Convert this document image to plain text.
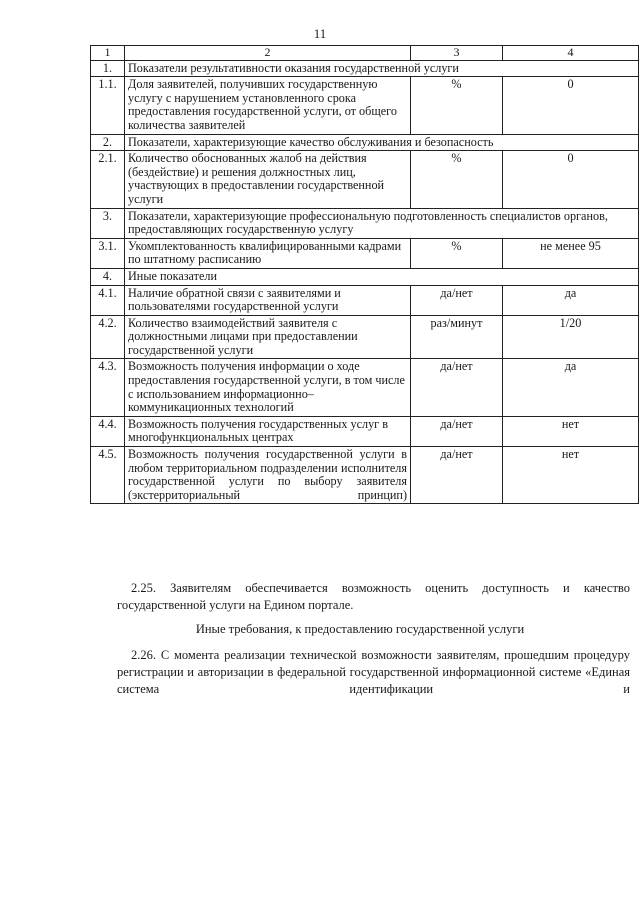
11
1	2	3	4
1.	Показатели результативности оказания государственной услуги		
1.1.	Доля заявителей, получивших государственную услугу с нарушением установленного срока предоставления государственной услуги, от общего количества заявителей	%	0
2.	Показатели, характеризующие качество обслуживания и безопасность		
2.1.	Количество обоснованных жалоб на действия (бездействие) и решения должностных лиц, участвующих в предоставлении государственной услуги	%	0
3.	Показатели, характеризующие профессиональную подготовленность специалистов органов, предоставляющих государственную услугу		
3.1.	Укомплектованность квалифицированными кадрами по штатному расписанию	%	не менее 95
4.	Иные показатели		
4.1.	Наличие обратной связи с заявителями и пользователями государственной услуги	да/нет	да
4.2.	Количество взаимодействий заявителя с должностными лицами при предоставлении государственной услуги	раз/минут	1/20
4.3.	Возможность получения информации о ходе предоставления государственной услуги, в том числе с использованием информационно–коммуникационных технологий	да/нет	да
4.4.	Возможность получения государственных услуг в многофункциональных центрах	да/нет	нет
4.5.	Возможность получения государственной услуги в любом территориальном подразделении исполнителя государственной услуги по выбору заявителя (экстерриториальный принцип)	да/нет	нет
2.25. Заявителям обеспечивается возможность оценить доступность и качество государственной услуги на Едином портале.
Иные требования, к предоставлению государственной услуги
2.26. С момента реализации технической возможности заявителям, прошедшим процедуру регистрации и авторизации в федеральной государственной информационной системе «Единая система идентификации и
